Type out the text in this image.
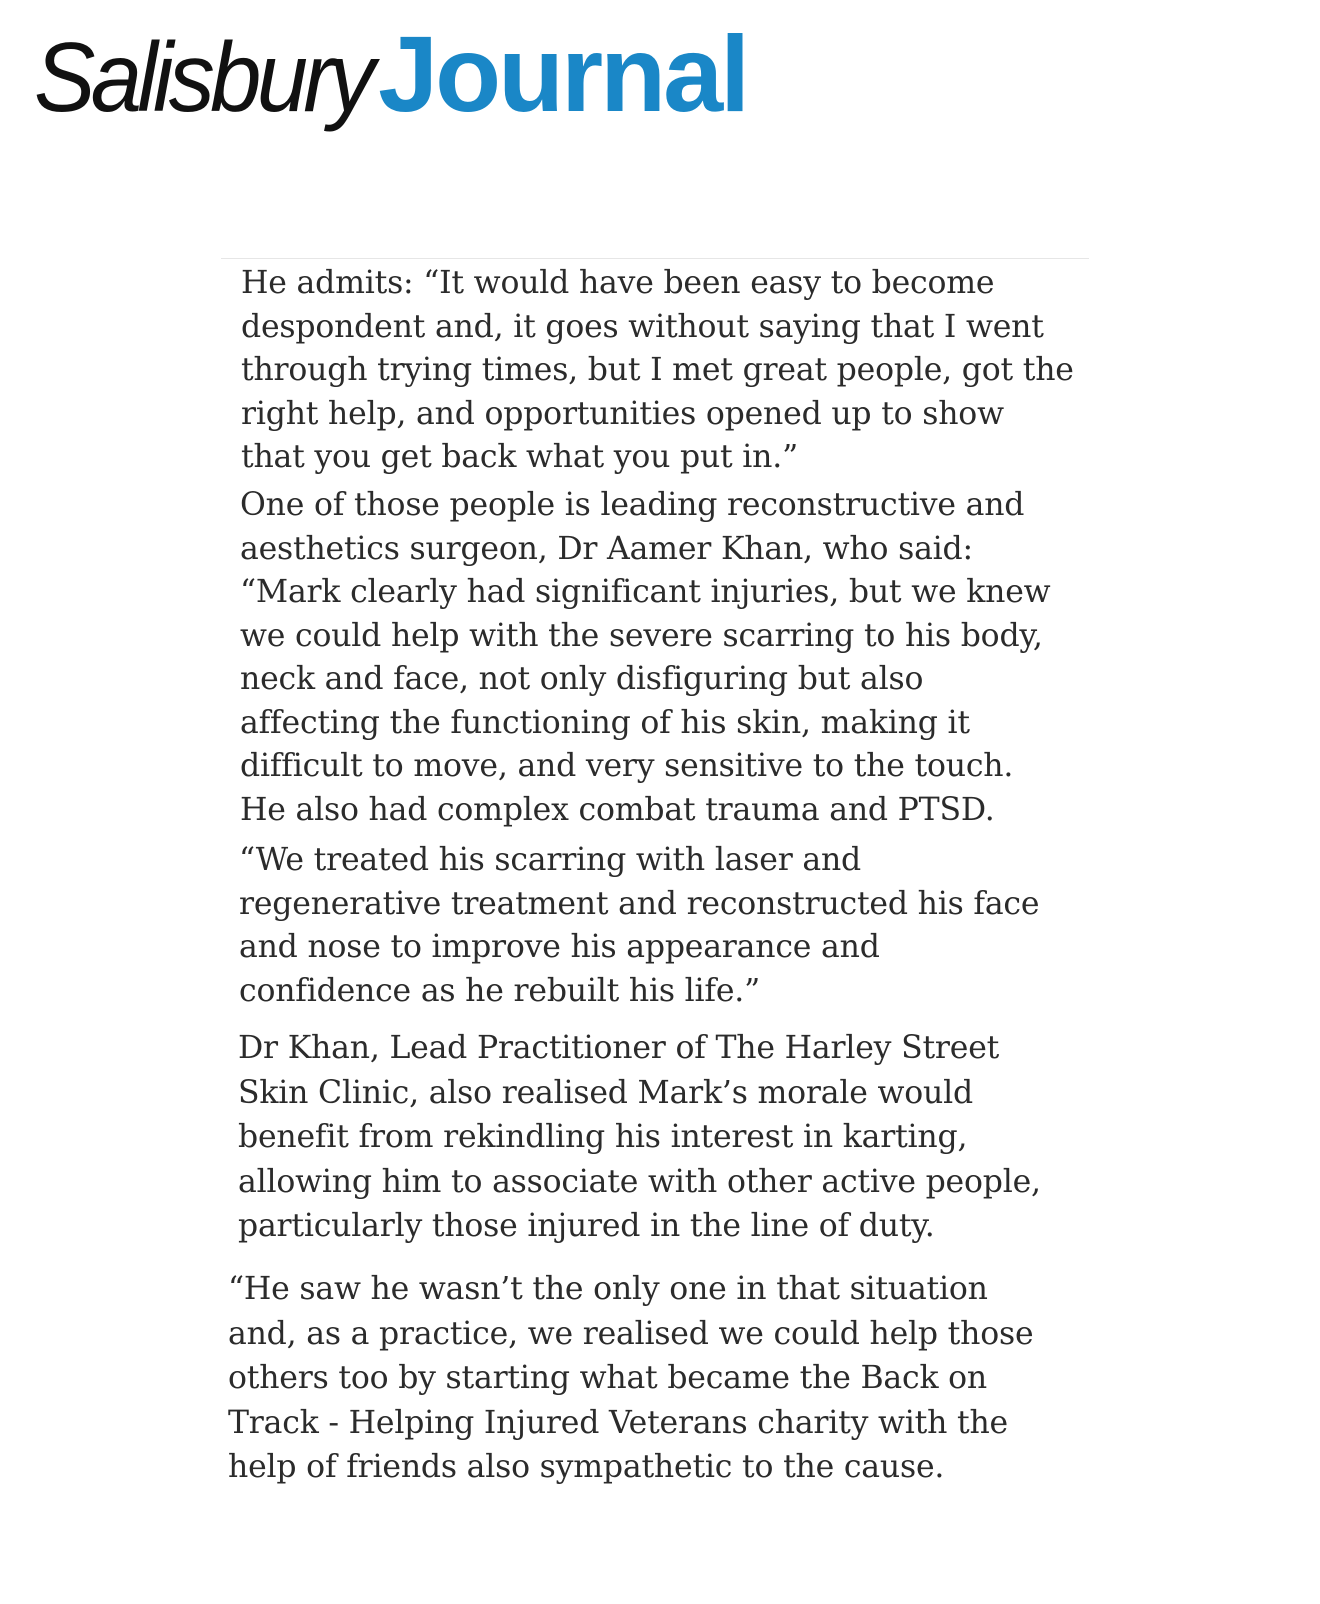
SalisburyJournal

He admits: “It would have been easy to become
despondent and, it goes without saying that I went
through trying times, but I met great people, got the
right help, and opportunities opened up to show
that you get back what you put in.”

One of those people is leading reconstructive and
aesthetics surgeon, Dr Aamer Khan, who said:
“Mark clearly had significant injuries, but we knew
we could help with the severe scarring to his body,
neck and face, not only disfiguring but also
affecting the functioning of his skin, making it
difficult to move, and very sensitive to the touch.
He also had complex combat trauma and PTSD.

“We treated his scarring with laser and
regenerative treatment and reconstructed his face
and nose to improve his appearance and
confidence as he rebuilt his life.”

Dr Khan, Lead Practitioner of The Harley Street
Skin Clinic, also realised Mark’s morale would
benefit from rekindling his interest in karting,
allowing him to associate with other active people,
particularly those injured in the line of duty.

“He saw he wasn’t the only one in that situation
and, as a practice, we realised we could help those
others too by starting what became the Back on
Track - Helping Injured Veterans charity with the
help of friends also sympathetic to the cause.
